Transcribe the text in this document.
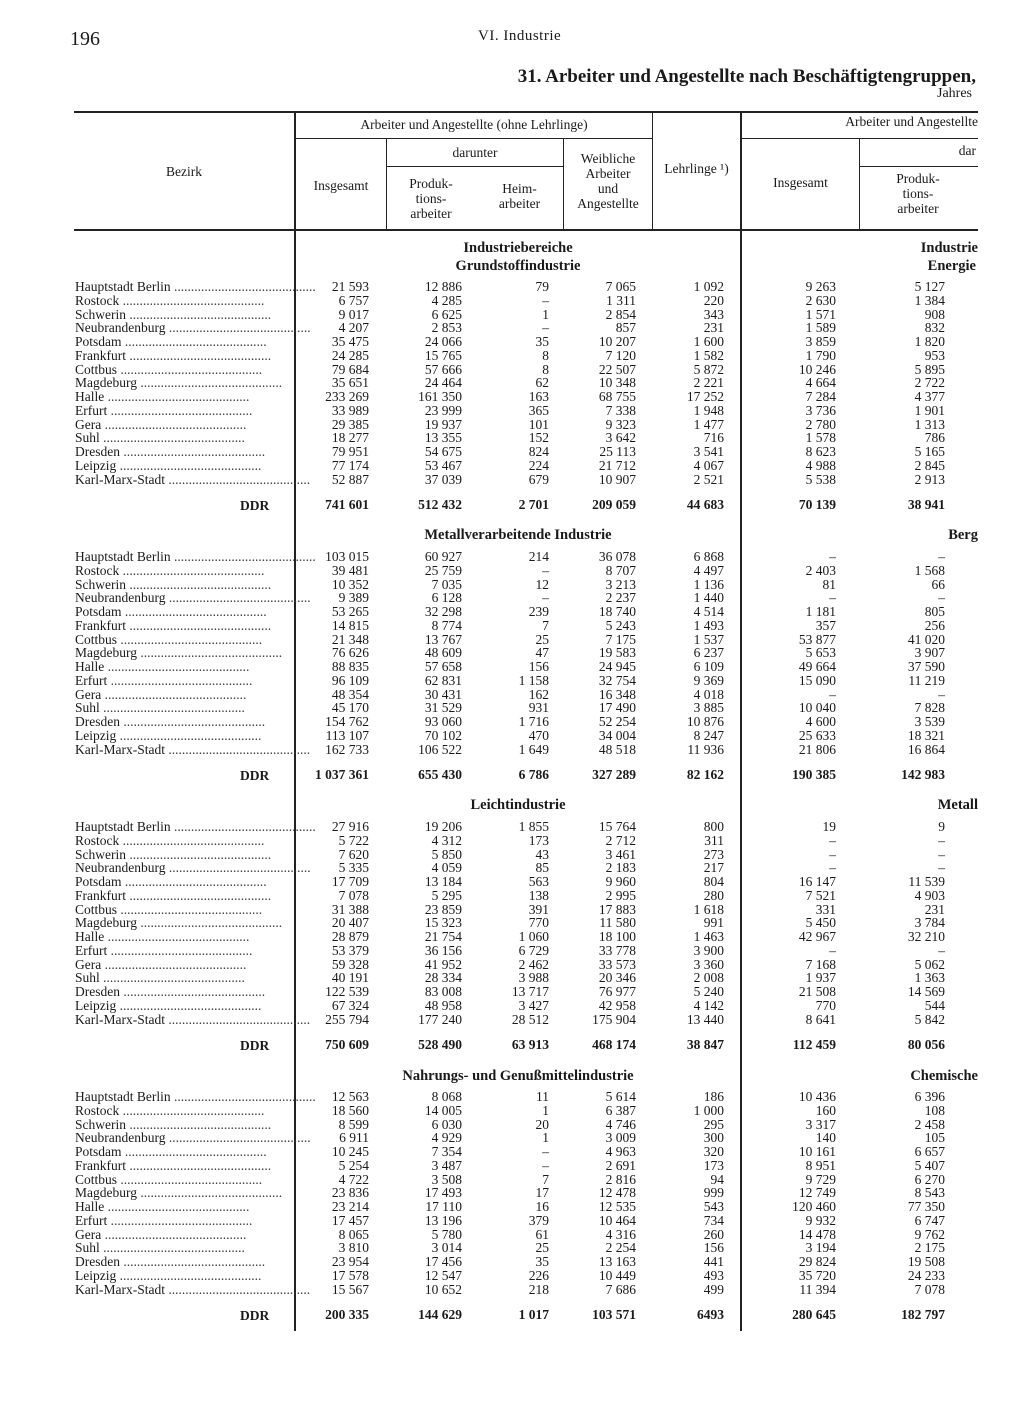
196	VI. Industrie
31. Arbeiter und Angestellte nach Beschäftigtengruppen,
Jahres
Bezirk
Arbeiter und Angestellte (ohne Lehrlinge)
Insgesamt
darunter
Produk-
tions-
arbeiter
Heim-
arbeiter
Weibliche
Arbeiter
und
Angestellte
Lehrlinge ¹)
Arbeiter und Angestellte
Insgesamt
dar
Produk-
tions-
arbeiter
Industriebereiche
Grundstoffindustrie
Industrie
Energie
Hauptstadt Berlin ..........................................	21 593	12 886	79	7 065	1 092	9 263	5 127
Rostock ..........................................	6 757	4 285	–	1 311	220	2 630	1 384
Schwerin ..........................................	9 017	6 625	1	2 854	343	1 571	908
Neubrandenburg ..........................................	4 207	2 853	–	857	231	1 589	832
Potsdam ..........................................	35 475	24 066	35	10 207	1 600	3 859	1 820
Frankfurt ..........................................	24 285	15 765	8	7 120	1 582	1 790	953
Cottbus ..........................................	79 684	57 666	8	22 507	5 872	10 246	5 895
Magdeburg ..........................................	35 651	24 464	62	10 348	2 221	4 664	2 722
Halle ..........................................	233 269	161 350	163	68 755	17 252	7 284	4 377
Erfurt ..........................................	33 989	23 999	365	7 338	1 948	3 736	1 901
Gera ..........................................	29 385	19 937	101	9 323	1 477	2 780	1 313
Suhl ..........................................	18 277	13 355	152	3 642	716	1 578	786
Dresden ..........................................	79 951	54 675	824	25 113	3 541	8 623	5 165
Leipzig ..........................................	77 174	53 467	224	21 712	4 067	4 988	2 845
Karl-Marx-Stadt ..........................................	52 887	37 039	679	10 907	2 521	5 538	2 913
DDR	741 601	512 432	2 701	209 059	44 683	70 139	38 941
Metallverarbeitende Industrie	Berg
Hauptstadt Berlin .......................................... 103 015	60 927	214	36 078	6 868	–	–
Rostock ..........................................	39 481	25 759	–	8 707	4 497	2 403	1 568
Schwerin ..........................................	10 352	7 035	12	3 213	1 136	81	66
Neubrandenburg ..........................................	9 389	6 128	–	2 237	1 440	–	–
Potsdam ..........................................	53 265	32 298	239	18 740	4 514	1 181	805
Frankfurt ..........................................	14 815	8 774	7	5 243	1 493	357	256
Cottbus ..........................................	21 348	13 767	25	7 175	1 537	53 877	41 020
Magdeburg ..........................................	76 626	48 609	47	19 583	6 237	5 653	3 907
Halle ..........................................	88 835	57 658	156	24 945	6 109	49 664	37 590
Erfurt ..........................................	96 109	62 831	1 158	32 754	9 369	15 090	11 219
Gera ..........................................	48 354	30 431	162	16 348	4 018	–	–
Suhl ..........................................	45 170	31 529	931	17 490	3 885	10 040	7 828
Dresden ..........................................	154 762	93 060	1 716	52 254	10 876	4 600	3 539
Leipzig ..........................................	113 107	70 102	470	34 004	8 247	25 633	18 321
Karl-Marx-Stadt ..........................................	162 733	106 522	1 649	48 518	11 936	21 806	16 864
DDR	1 037 361	655 430	6 786	327 289	82 162	190 385	142 983
Leichtindustrie	Metall
Hauptstadt Berlin ..........................................	27 916	19 206	1 855	15 764	800	19	9
Rostock ..........................................	5 722	4 312	173	2 712	311	–	–
Schwerin ..........................................	7 620	5 850	43	3 461	273	–	–
Neubrandenburg ..........................................	5 335	4 059	85	2 183	217	–	–
Potsdam ..........................................	17 709	13 184	563	9 960	804	16 147	11 539
Frankfurt ..........................................	7 078	5 295	138	2 995	280	7 521	4 903
Cottbus ..........................................	31 388	23 859	391	17 883	1 618	331	231
Magdeburg ..........................................	20 407	15 323	770	11 580	991	5 450	3 784
Halle ..........................................	28 879	21 754	1 060	18 100	1 463	42 967	32 210
Erfurt ..........................................	53 379	36 156	6 729	33 778	3 900	–	–
Gera ..........................................	59 328	41 952	2 462	33 573	3 360	7 168	5 062
Suhl ..........................................	40 191	28 334	3 988	20 346	2 008	1 937	1 363
Dresden ..........................................	122 539	83 008	13 717	76 977	5 240	21 508	14 569
Leipzig ..........................................	67 324	48 958	3 427	42 958	4 142	770	544
Karl-Marx-Stadt ..........................................	255 794	177 240	28 512	175 904	13 440	8 641	5 842
DDR	750 609	528 490	63 913	468 174	38 847	112 459	80 056
Nahrungs- und Genußmittelindustrie	Chemische
Hauptstadt Berlin ..........................................	12 563	8 068	11	5 614	186	10 436	6 396
Rostock ..........................................	18 560	14 005	1	6 387	1 000	160	108
Schwerin ..........................................	8 599	6 030	20	4 746	295	3 317	2 458
Neubrandenburg ..........................................	6 911	4 929	1	3 009	300	140	105
Potsdam ..........................................	10 245	7 354	–	4 963	320	10 161	6 657
Frankfurt ..........................................	5 254	3 487	–	2 691	173	8 951	5 407
Cottbus ..........................................	4 722	3 508	7	2 816	94	9 729	6 270
Magdeburg ..........................................	23 836	17 493	17	12 478	999	12 749	8 543
Halle ..........................................	23 214	17 110	16	12 535	543	120 460	77 350
Erfurt ..........................................	17 457	13 196	379	10 464	734	9 932	6 747
Gera ..........................................	8 065	5 780	61	4 316	260	14 478	9 762
Suhl ..........................................	3 810	3 014	25	2 254	156	3 194	2 175
Dresden ..........................................	23 954	17 456	35	13 163	441	29 824	19 508
Leipzig ..........................................	17 578	12 547	226	10 449	493	35 720	24 233
Karl-Marx-Stadt ..........................................	15 567	10 652	218	7 686	499	11 394	7 078
DDR	200 335	144 629	1 017	103 571	6493	280 645	182 797
